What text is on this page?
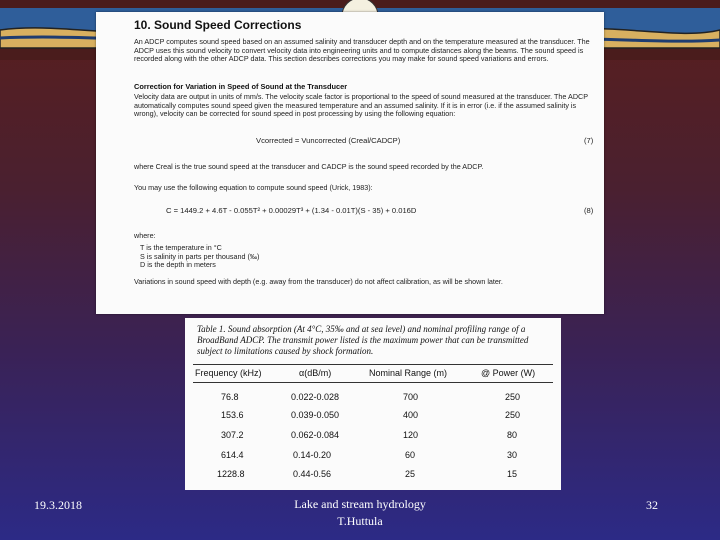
10. Sound Speed Corrections

An ADCP computes sound speed based on an assumed salinity and transducer depth and on the temperature measured at the transducer. The ADCP uses this sound velocity to convert velocity data into engineering units and to compute distances along the beams. The sound speed is recorded along with the other ADCP data. This section describes corrections you may make for sound speed variations and errors.

Correction for Variation in Speed of Sound at the Transducer

Velocity data are output in units of mm/s. The velocity scale factor is proportional to the speed of sound measured at the transducer. The ADCP automatically computes sound speed given the measured temperature and an assumed salinity. If it is in error (i.e. if the assumed salinity is wrong), velocity can be corrected for sound speed in post processing by using the following equation:

Vcorrected = Vuncorrected (Creal/CADCP)	(7)

where Creal is the true sound speed at the transducer and CADCP is the sound speed recorded by the ADCP.

You may use the following equation to compute sound speed (Urick, 1983):

C = 1449.2 + 4.6T - 0.055T² + 0.00029T³ + (1.34 - 0.01T)(S - 35) + 0.016D	(8)
where:
T is the temperature in °C
S is salinity in parts per thousand (‰)
D is the depth in meters

Variations in sound speed with depth (e.g. away from the transducer) do not affect calibration, as will be shown later.

Table 1. Sound absorption (At 4°C, 35‰ and at sea level) and nominal profiling range of a BroadBand ADCP. The transmit power listed is the maximum power that can be transmitted subject to limitations caused by shock formation.
Frequency (kHz)	α(dB/m)	Nominal Range (m)	@ Power (W)
76.8	0.022-0.028	700	250
153.6	0.039-0.050	400	250
307.2	0.062-0.084	120	80
614.4	0.14-0.20	60	30
1228.8	0.44-0.56	25	15
19.3.2018	Lake and stream hydrology
T.Huttula
32
